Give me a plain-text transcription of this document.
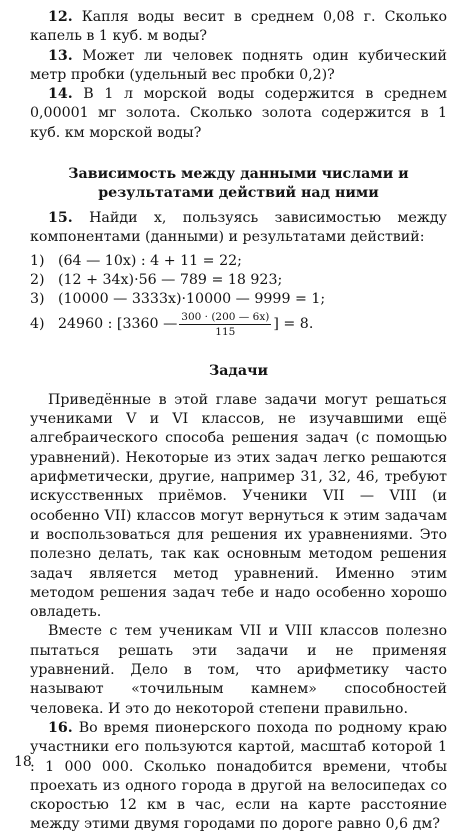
12. Капля воды весит в среднем 0,08 г. Сколько капель в 1 куб. м воды?

13. Может ли человек поднять один кубический метр пробки (удельный вес пробки 0,2)?

14. В 1 л морской воды содержится в среднем 0,00001 мг золота. Сколько золота содержится в 1 куб. км морской воды?

Зависимость между данными числами и результатами действий над ними

15. Найди x, пользуясь зависимостью между компонентами (данными) и результатами действий:

1) (64 — 10x) : 4 + 11 = 22;
2) (12 + 34x)·56 — 789 = 18 923;
3) (10000 — 3333x)·10000 — 9999 = 1;
4) 24960 : [3360 — $\frac{300 \cdot (200 — 6x)}{115}$ ] = 8.
Задачи

Приведённые в этой главе задачи могут решаться учениками V и VI классов, не изучавшими ещё алгебраического способа решения задач (с помощью уравнений). Некоторые из этих задач легко решаются арифметически, другие, например 31, 32, 46, требуют искусственных приёмов. Ученики VII — VIII (и особенно VII) классов могут вернуться к этим задачам и воспользоваться для решения их уравнениями. Это полезно делать, так как основным методом решения задач является метод уравнений. Именно этим методом решения задач тебе и надо особенно хорошо овладеть.

Вместе с тем ученикам VII и VIII классов полезно пытаться решать эти задачи и не применяя уравнений. Дело в том, что арифметику часто называют «точильным камнем» способностей человека. И это до некоторой степени правильно.

16. Во время пионерского похода по родному краю участники его пользуются картой, масштаб которой 1 : 1 000 000. Сколько понадобится времени, чтобы проехать из одного города в другой на велосипедах со скоростью 12 км в час, если на карте расстояние между этими двумя городами по дороге равно 0,6 дм?

18
